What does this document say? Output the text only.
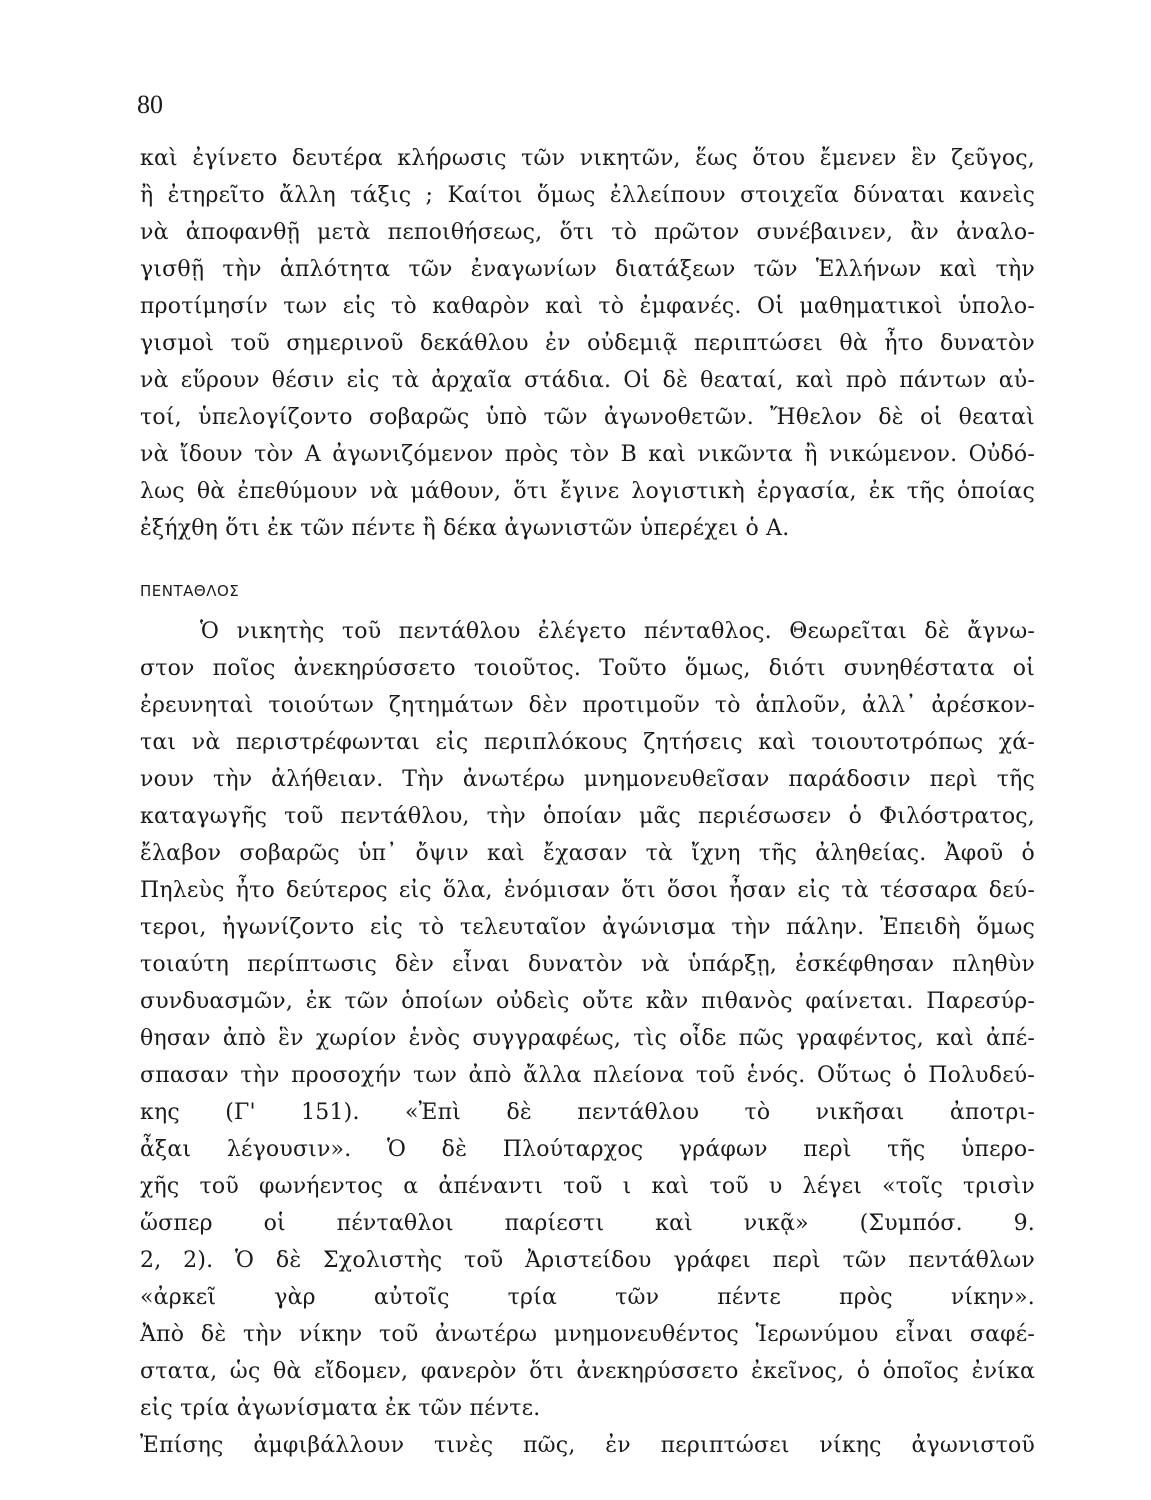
80
καὶ ἐγίνετο δευτέρα κλήρωσις τῶν νικητῶν, ἕως ὅτου ἔμενεν ἓν ζεῦγος,
ἢ ἐτηρεῖτο ἄλλη τάξις ; Καίτοι ὅμως ἐλλείπουν στοιχεῖα δύναται κανεὶς
νὰ ἀποφανθῇ μετὰ πεποιθήσεως, ὅτι τὸ πρῶτον συνέβαινεν, ἂν ἀναλο-
γισθῇ τὴν ἁπλότητα τῶν ἐναγωνίων διατάξεων τῶν Ἑλλήνων καὶ τὴν
προτίμησίν των εἰς τὸ καθαρὸν καὶ τὸ ἐμφανές. Οἱ μαθηματικοὶ ὑπολο-
γισμοὶ τοῦ σημερινοῦ δεκάθλου ἐν οὐδεμιᾷ περιπτώσει θὰ ἦτο δυνατὸν
νὰ εὕρουν θέσιν εἰς τὰ ἀρχαῖα στάδια. Οἱ δὲ θεαταί, καὶ πρὸ πάντων αὐ-
τοί, ὑπελογίζοντο σοβαρῶς ὑπὸ τῶν ἀγωνοθετῶν. Ἤθελον δὲ οἱ θεαταὶ
νὰ ἴδουν τὸν Α ἀγωνιζόμενον πρὸς τὸν Β καὶ νικῶντα ἢ νικώμενον. Οὐδό-
λως θὰ ἐπεθύμουν νὰ μάθουν, ὅτι ἔγινε λογιστικὴ ἐργασία, ἐκ τῆς ὁποίας
ἐξήχθη ὅτι ἐκ τῶν πέντε ἢ δέκα ἀγωνιστῶν ὑπερέχει ὁ Α.
ΠΕΝΤΑΘΛΟΣ
Ὁ νικητὴς τοῦ πεντάθλου ἐλέγετο πένταθλος. Θεωρεῖται δὲ ἄγνω-
στον ποῖος ἀνεκηρύσσετο τοιοῦτος. Τοῦτο ὅμως, διότι συνηθέστατα οἱ
ἐρευνηταὶ τοιούτων ζητημάτων δὲν προτιμοῦν τὸ ἁπλοῦν, ἀλλ᾽ ἀρέσκον-
ται νὰ περιστρέφωνται εἰς περιπλόκους ζητήσεις καὶ τοιουτοτρόπως χά-
νουν τὴν ἀλήθειαν. Τὴν ἀνωτέρω μνημονευθεῖσαν παράδοσιν περὶ τῆς
καταγωγῆς τοῦ πεντάθλου, τὴν ὁποίαν μᾶς περιέσωσεν ὁ Φιλόστρατος,
ἔλαβον σοβαρῶς ὑπ᾽ ὄψιν καὶ ἔχασαν τὰ ἴχνη τῆς ἀληθείας. Ἀφοῦ ὁ
Πηλεὺς ἦτο δεύτερος εἰς ὅλα, ἐνόμισαν ὅτι ὅσοι ἦσαν εἰς τὰ τέσσαρα δεύ-
τεροι, ἠγωνίζοντο εἰς τὸ τελευταῖον ἀγώνισμα τὴν πάλην. Ἐπειδὴ ὅμως
τοιαύτη περίπτωσις δὲν εἶναι δυνατὸν νὰ ὑπάρξῃ, ἐσκέφθησαν πληθὺν
συνδυασμῶν, ἐκ τῶν ὁποίων οὐδεὶς οὔτε κἂν πιθανὸς φαίνεται. Παρεσύρ-
θησαν ἀπὸ ἓν χωρίον ἑνὸς συγγραφέως, τὶς οἶδε πῶς γραφέντος, καὶ ἀπέ-
σπασαν τὴν προσοχήν των ἀπὸ ἄλλα πλείονα τοῦ ἑνός. Οὕτως ὁ Πολυδεύ-
κης (Γ' 151). «Ἐπὶ δὲ πεντάθλου τὸ νικῆσαι ἀποτρι-
ἆξαι λέγουσιν». Ὁ δὲ Πλούταρχος γράφων περὶ τῆς ὑπερο-
χῆς τοῦ φωνήεντος α ἀπέναντι τοῦ ι καὶ τοῦ υ λέγει «τοῖς τρισὶν
ὥσπερ οἱ πένταθλοι παρίεστι καὶ νικᾷ» (Συμπόσ. 9.
2, 2). Ὁ δὲ Σχολιστὴς τοῦ Ἀριστείδου γράφει περὶ τῶν πεντάθλων
«ἀρκεῖ γὰρ αὐτοῖς τρία τῶν πέντε πρὸς νίκην».
Ἀπὸ δὲ τὴν νίκην τοῦ ἀνωτέρω μνημονευθέντος Ἱερωνύμου εἶναι σαφέ-
στατα, ὡς θὰ εἴδομεν, φανερὸν ὅτι ἀνεκηρύσσετο ἐκεῖνος, ὁ ὁποῖος ἐνίκα
εἰς τρία ἀγωνίσματα ἐκ τῶν πέντε.
Ἐπίσης ἀμφιβάλλουν τινὲς πῶς, ἐν περιπτώσει νίκης ἀγωνιστοῦ
